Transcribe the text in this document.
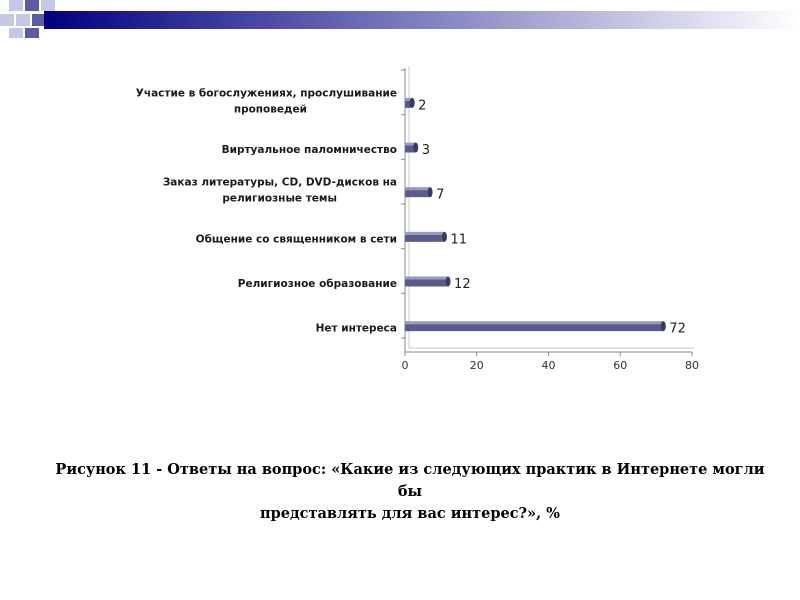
0	20	40	60	80
2
Участие в богослужениях, прослушивание проповедей
3
Виртуальное паломничество
7
Заказ литературы, CD, DVD-дисков на религиозные темы
11
Общение со священником в сети
12
Религиозное образование
72
Нет интереса
Рисунок 11 - Ответы на вопрос: «Какие из следующих практик в Интернете могли бы
представлять для вас интерес?», %
